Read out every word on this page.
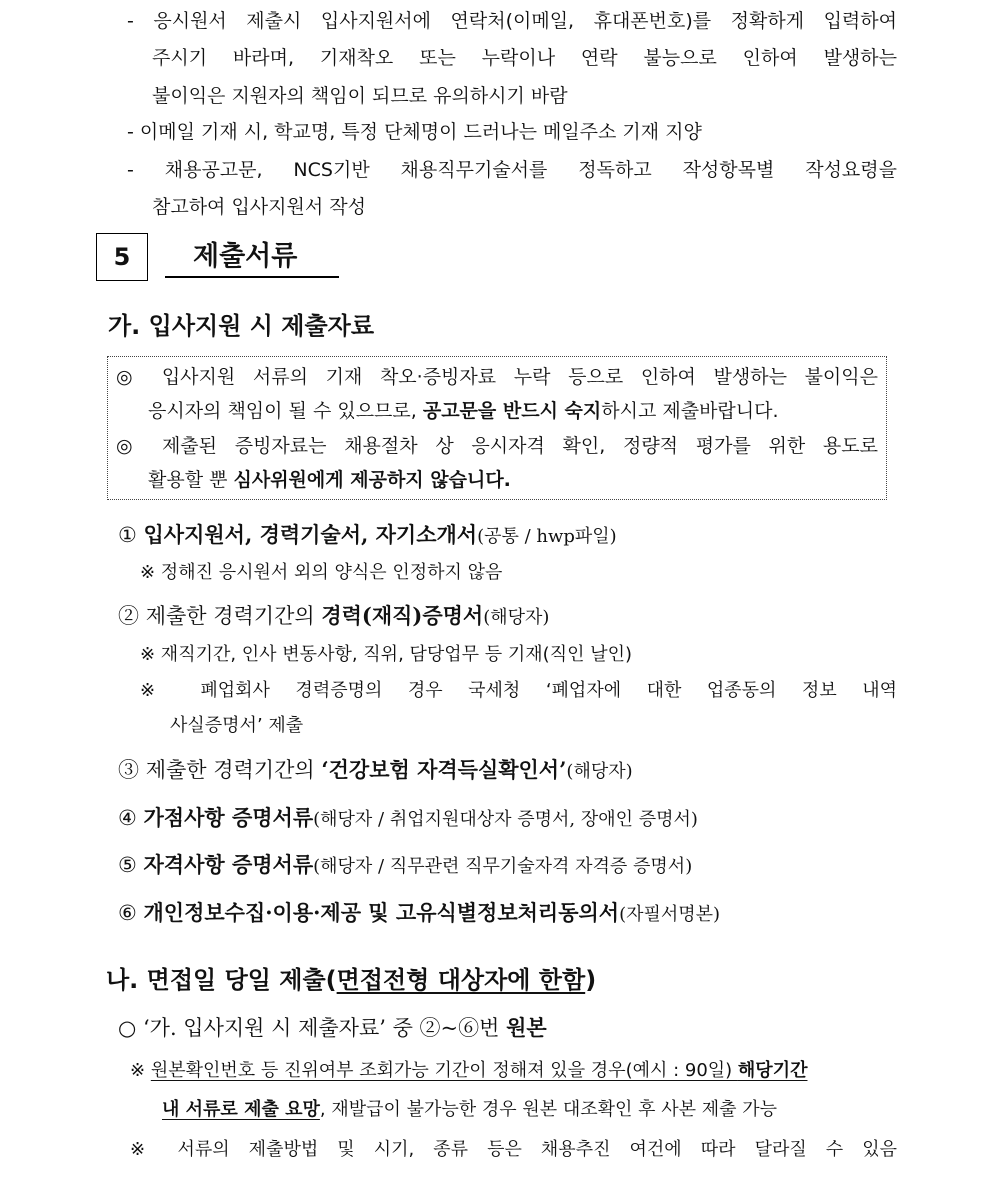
- 응시원서 제출시 입사지원서에 연락처(이메일, 휴대폰번호)를 정확하게 입력하여
주시기 바라며, 기재착오 또는 누락이나 연락 불능으로 인하여 발생하는
불이익은 지원자의 책임이 되므로 유의하시기 바람
- 이메일 기재 시, 학교명, 특정 단체명이 드러나는 메일주소 기재 지양
- 채용공고문, NCS기반 채용직무기술서를 정독하고 작성항목별 작성요령을
참고하여 입사지원서 작성
5	제출서류
가. 입사지원 시 제출자료
◎ 입사지원 서류의 기재 착오·증빙자료 누락 등으로 인하여 발생하는 불이익은
응시자의 책임이 될 수 있으므로, 공고문을 반드시 숙지하시고 제출바랍니다.
◎ 제출된 증빙자료는 채용절차 상 응시자격 확인, 정량적 평가를 위한 용도로
활용할 뿐 심사위원에게 제공하지 않습니다.
① 입사지원서, 경력기술서, 자기소개서(공통 / hwp파일)
※ 정해진 응시원서 외의 양식은 인정하지 않음
② 제출한 경력기간의 경력(재직)증명서(해당자)
※ 재직기간, 인사 변동사항, 직위, 담당업무 등 기재(직인 날인)
※ 폐업회사 경력증명의 경우 국세청 ‘폐업자에 대한 업종동의 정보 내역
사실증명서’ 제출
③ 제출한 경력기간의 ‘건강보험 자격득실확인서’(해당자)
④ 가점사항 증명서류(해당자 / 취업지원대상자 증명서, 장애인 증명서)
⑤ 자격사항 증명서류(해당자 / 직무관련 직무기술자격 자격증 증명서)
⑥ 개인정보수집·이용·제공 및 고유식별정보처리동의서(자필서명본)
나. 면접일 당일 제출(면접전형 대상자에 한함)
○ ‘가. 입사지원 시 제출자료’ 중 ②~⑥번 원본
※ 원본확인번호 등 진위여부 조회가능 기간이 정해져 있을 경우(예시 : 90일) 해당기간
내 서류로 제출 요망, 재발급이 불가능한 경우 원본 대조확인 후 사본 제출 가능
※ 서류의 제출방법 및 시기, 종류 등은 채용추진 여건에 따라 달라질 수 있음
